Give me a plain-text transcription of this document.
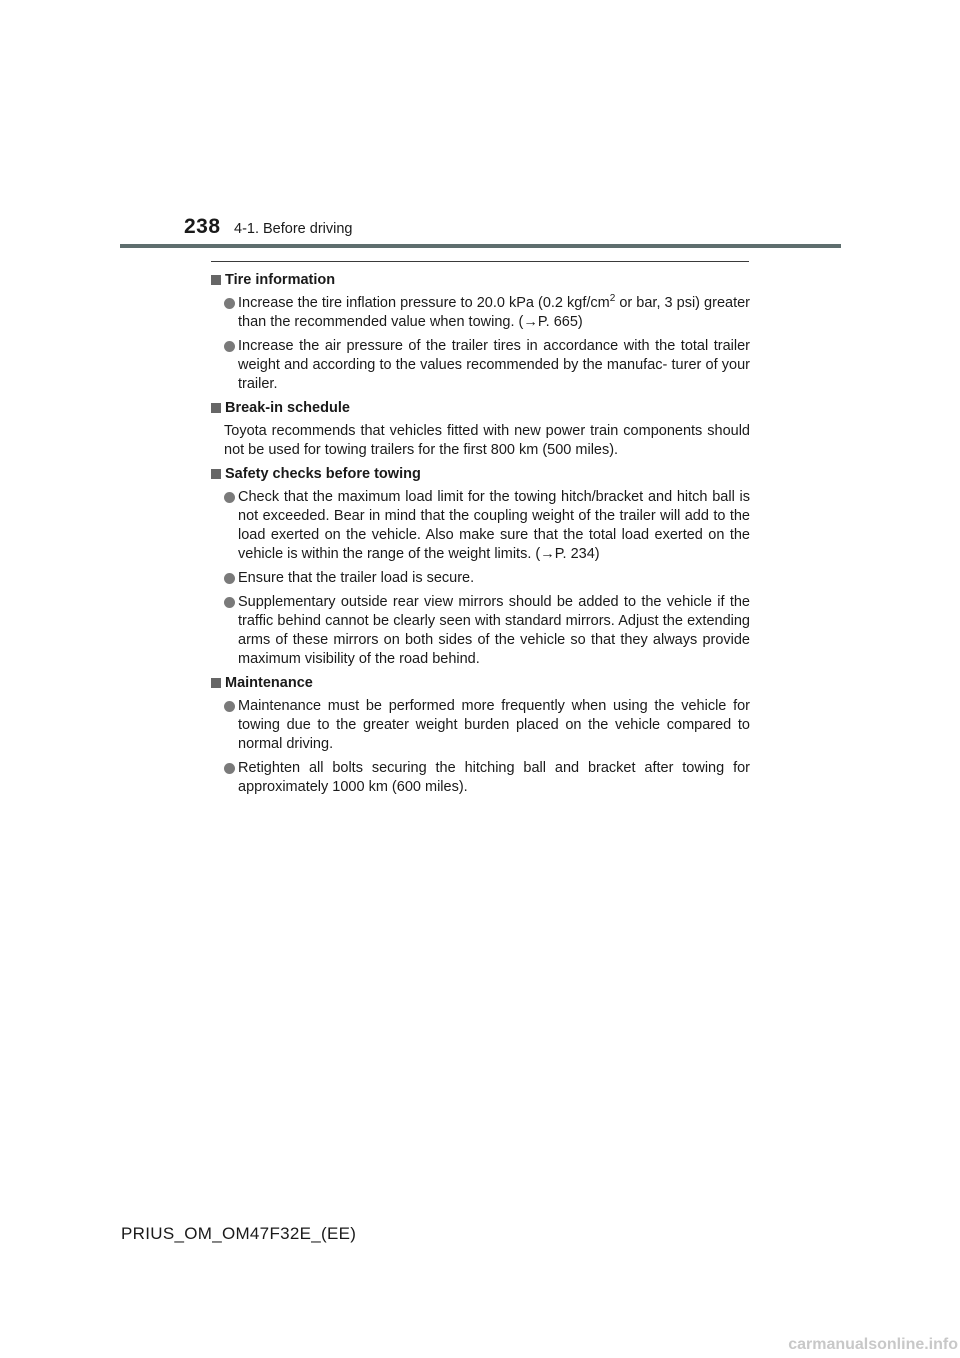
238 4-1. Before driving
Tire information
Increase the tire inflation pressure to 20.0 kPa (0.2 kgf/$cm^2$ or bar, 3 psi) greater than the recommended value when towing. (→P. 665)
Increase the air pressure of the trailer tires in accordance with the total trailer weight and according to the values recommended by the manufac- turer of your trailer.
Break-in schedule
Toyota recommends that vehicles fitted with new power train components should not be used for towing trailers for the first 800 km (500 miles).
Safety checks before towing
Check that the maximum load limit for the towing hitch/bracket and hitch ball is not exceeded. Bear in mind that the coupling weight of the trailer will add to the load exerted on the vehicle. Also make sure that the total load exerted on the vehicle is within the range of the weight limits. (→P. 234)
Ensure that the trailer load is secure.
Supplementary outside rear view mirrors should be added to the vehicle if the traffic behind cannot be clearly seen with standard mirrors. Adjust the extending arms of these mirrors on both sides of the vehicle so that they always provide maximum visibility of the road behind.
Maintenance
Maintenance must be performed more frequently when using the vehicle for towing due to the greater weight burden placed on the vehicle compared to normal driving.
Retighten all bolts securing the hitching ball and bracket after towing for approximately 1000 km (600 miles).
PRIUS_OM_OM47F32E_(EE)
carmanualsonline.info
